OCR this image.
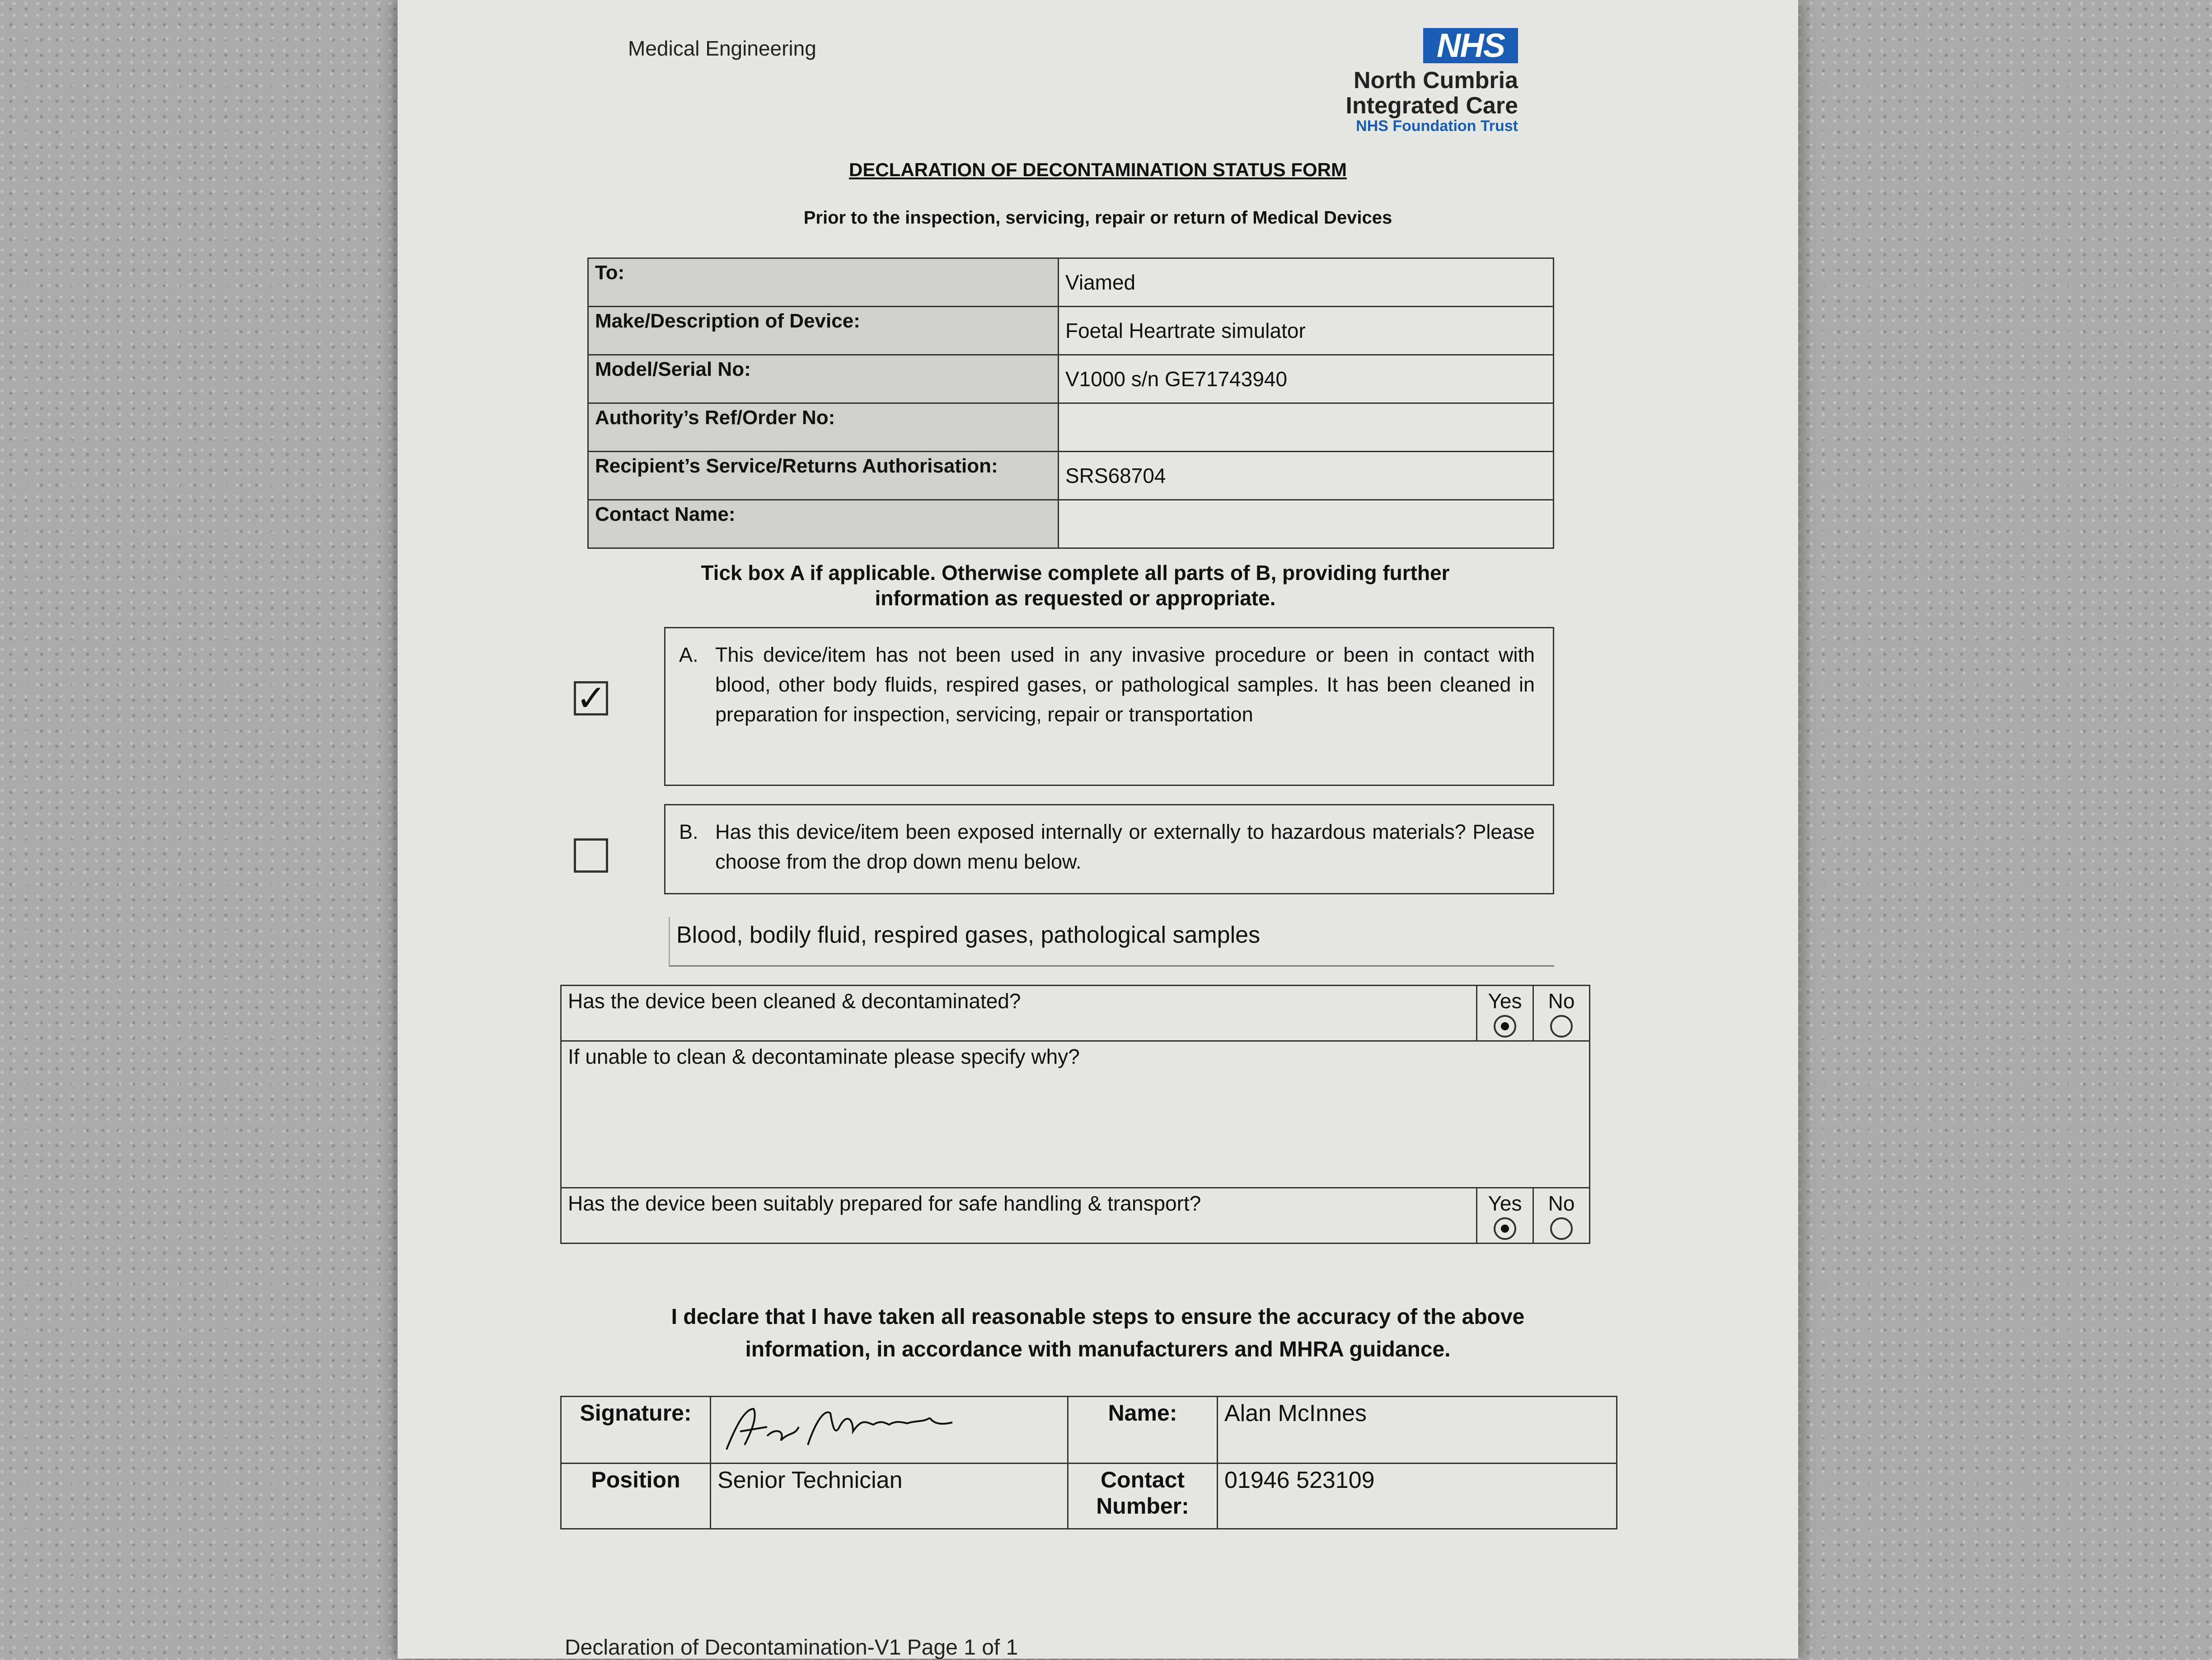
Medical Engineering	NHS
North Cumbria
Integrated Care
NHS Foundation Trust
DECLARATION OF DECONTAMINATION STATUS FORM
Prior to the inspection, servicing, repair or return of Medical Devices
To:	Viamed
Make/Description of Device:	Foetal Heartrate simulator
Model/Serial No:	V1000 s/n GE71743940
Authority’s Ref/Order No:	
Recipient’s Service/Returns Authorisation:	SRS68704
Contact Name:	
Tick box A if applicable. Otherwise complete all parts of B, providing further
information as requested or appropriate.
✓
A. This device/item has not been used in any invasive procedure or been in contact with blood, other body fluids, respired gases, or pathological samples. It has been cleaned in preparation for inspection, servicing, repair or transportation
B. Has this device/item been exposed internally or externally to hazardous materials? Please choose from the drop down menu below.
Blood, bodily fluid, respired gases, pathological samples
Has the device been cleaned & decontaminated?	Yes	No

If unable to clean & decontaminate please specify why?		

Has the device been suitably prepared for safe handling & transport?	Yes	No
I declare that I have taken all reasonable steps to ensure the accuracy of the above
information, in accordance with manufacturers and MHRA guidance.
Signature:		Name:	Alan McInnes
Position	Senior Technician	Contact
Number:	01946 523109
Declaration of Decontamination-V1 Page 1 of 1
